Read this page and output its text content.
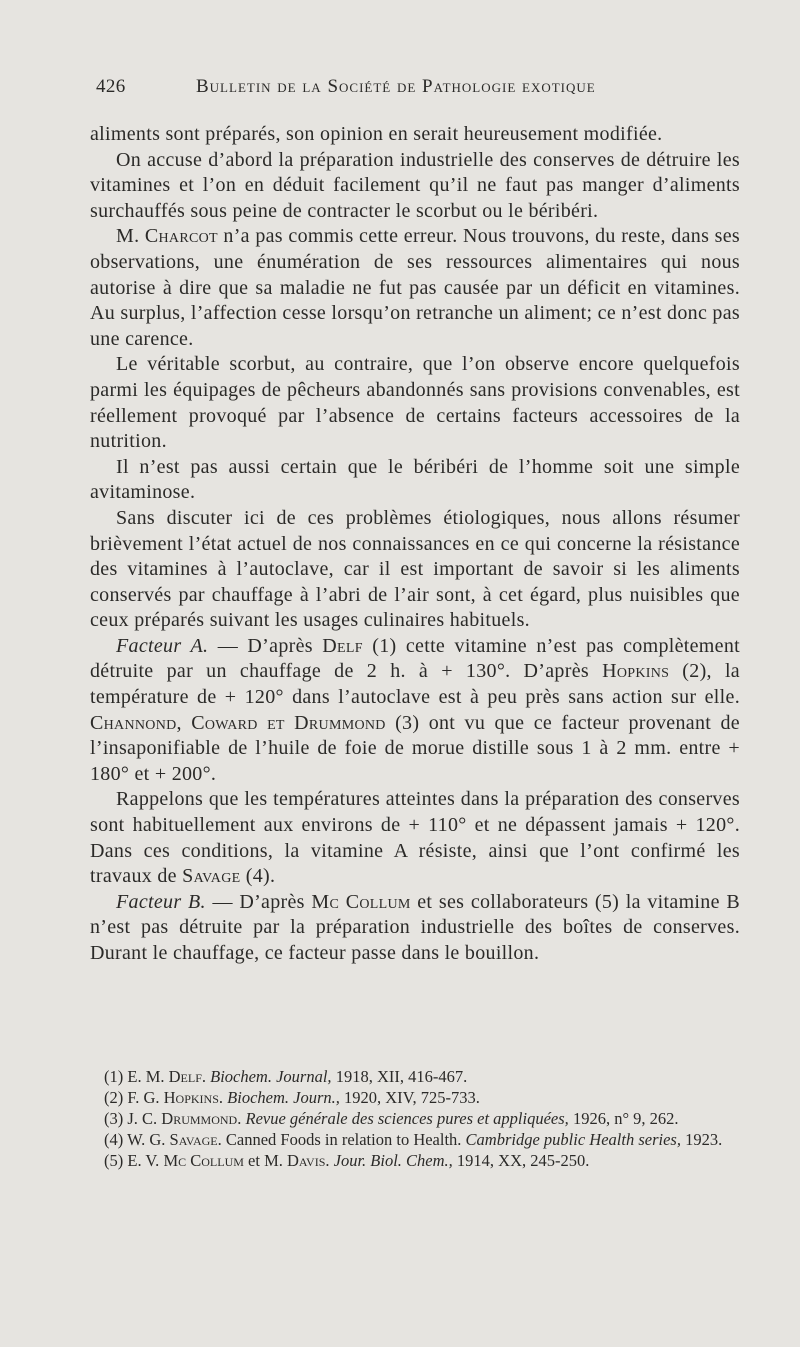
426	Bulletin de la Société de Pathologie exotique

aliments sont préparés, son opinion en serait heureusement modifiée.

On accuse d’abord la préparation industrielle des conserves de détruire les vitamines et l’on en déduit facilement qu’il ne faut pas manger d’aliments surchauffés sous peine de contracter le scorbut ou le béribéri.

M. Charcot n’a pas commis cette erreur. Nous trouvons, du reste, dans ses observations, une énumération de ses ressources alimentaires qui nous autorise à dire que sa maladie ne fut pas causée par un déficit en vitamines. Au surplus, l’affection cesse lorsqu’on retranche un aliment; ce n’est donc pas une carence.

Le véritable scorbut, au contraire, que l’on observe encore quelquefois parmi les équipages de pêcheurs abandonnés sans provisions convenables, est réellement provoqué par l’absence de certains facteurs accessoires de la nutrition.

Il n’est pas aussi certain que le béribéri de l’homme soit une simple avitaminose.

Sans discuter ici de ces problèmes étiologiques, nous allons résumer brièvement l’état actuel de nos connaissances en ce qui concerne la résistance des vitamines à l’autoclave, car il est important de savoir si les aliments conservés par chauffage à l’abri de l’air sont, à cet égard, plus nuisibles que ceux préparés suivant les usages culinaires habituels.

Facteur A. — D’après Delf (1) cette vitamine n’est pas complètement détruite par un chauffage de 2 h. à + 130°. D’après Hopkins (2), la température de + 120° dans l’autoclave est à peu près sans action sur elle. Channond, Coward et Drummond (3) ont vu que ce facteur provenant de l’insaponifiable de l’huile de foie de morue distille sous 1 à 2 mm. entre + 180° et + 200°.

Rappelons que les températures atteintes dans la préparation des conserves sont habituellement aux environs de + 110° et ne dépassent jamais + 120°. Dans ces conditions, la vitamine A résiste, ainsi que l’ont confirmé les travaux de Savage (4).

Facteur B. — D’après Mc Collum et ses collaborateurs (5) la vitamine B n’est pas détruite par la préparation industrielle des boîtes de conserves. Durant le chauffage, ce facteur passe dans le bouillon.

(1) E. M. Delf. Biochem. Journal, 1918, XII, 416-467.

(2) F. G. Hopkins. Biochem. Journ., 1920, XIV, 725-733.

(3) J. C. Drummond. Revue générale des sciences pures et appliquées, 1926, n° 9, 262.

(4) W. G. Savage. Canned Foods in relation to Health. Cambridge public Health series, 1923.

(5) E. V. Mc Collum et M. Davis. Jour. Biol. Chem., 1914, XX, 245-250.
